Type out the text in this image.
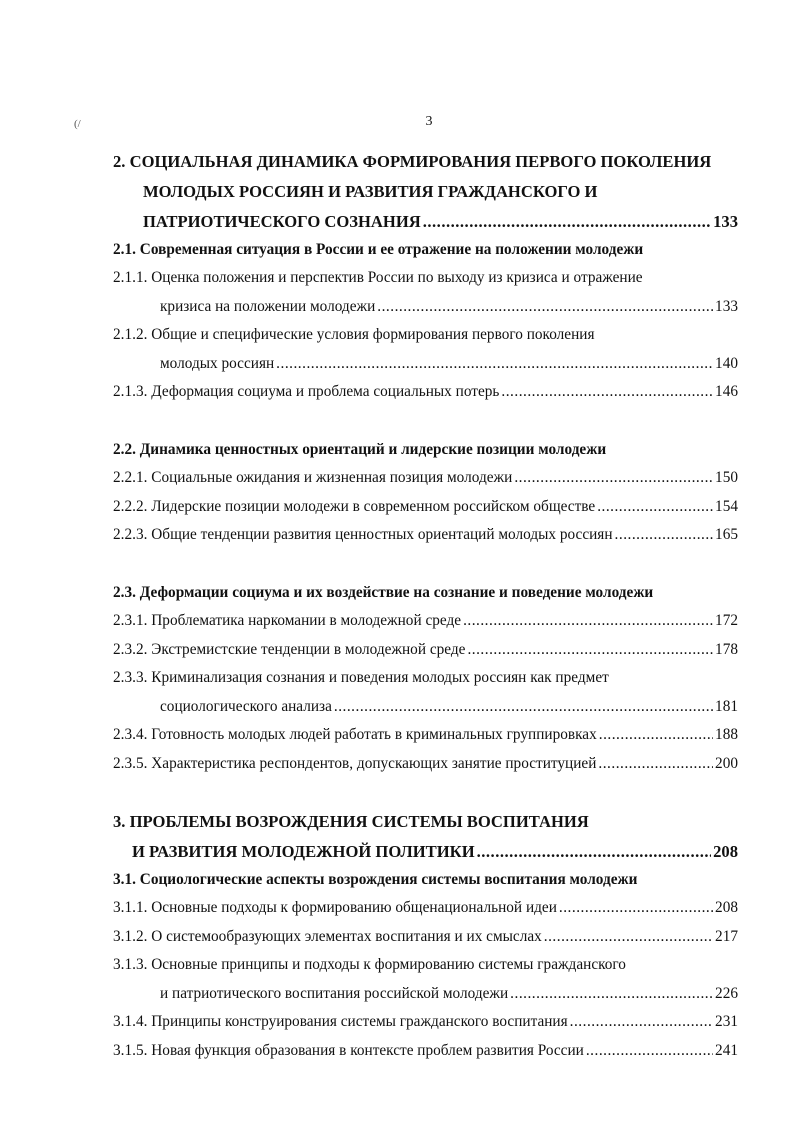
(/	3
2. СОЦИАЛЬНАЯ ДИНАМИКА ФОРМИРОВАНИЯ ПЕРВОГО ПОКОЛЕНИЯ
МОЛОДЫХ РОССИЯН И РАЗВИТИЯ ГРАЖДАНСКОГО И
ПАТРИОТИЧЕСКОГО СОЗНАНИЯ .....	133
2.1. Современная ситуация в России и ее отражение на положении молодежи
2.1.1. Оценка положения и перспектив России по выходу из кризиса и отражение
кризиса на положении молодежи .....	133
2.1.2. Общие и специфические условия формирования первого поколения
молодых россиян .....	140
2.1.3. Деформация социума и проблема социальных потерь .....	146
2.2. Динамика ценностных ориентаций и лидерские позиции молодежи
2.2.1. Социальные ожидания и жизненная позиция молодежи .....	150
2.2.2. Лидерские позиции молодежи в современном российском обществе .....	154
2.2.3. Общие тенденции развития ценностных ориентаций молодых россиян .....	165
2.3. Деформации социума и их воздействие на сознание и поведение молодежи
2.3.1. Проблематика наркомании в молодежной среде .....	172
2.3.2. Экстремистские тенденции в молодежной среде .....	178
2.3.3. Криминализация сознания и поведения молодых россиян как предмет
социологического анализа .....	181
2.3.4. Готовность молодых людей работать в криминальных группировках .....	188
2.3.5. Характеристика респондентов, допускающих занятие проституцией .....	200
3. ПРОБЛЕМЫ ВОЗРОЖДЕНИЯ СИСТЕМЫ ВОСПИТАНИЯ
И РАЗВИТИЯ МОЛОДЕЖНОЙ ПОЛИТИКИ .....	208
3.1. Социологические аспекты возрождения системы воспитания молодежи
3.1.1. Основные подходы к формированию общенациональной идеи .....	208
3.1.2. О системообразующих элементах воспитания и их смыслах .....	217
3.1.3. Основные принципы и подходы к формированию системы гражданского
и патриотического воспитания российской молодежи .....	226
3.1.4. Принципы конструирования системы гражданского воспитания .....	231
3.1.5. Новая функция образования в контексте проблем развития России .....	241
